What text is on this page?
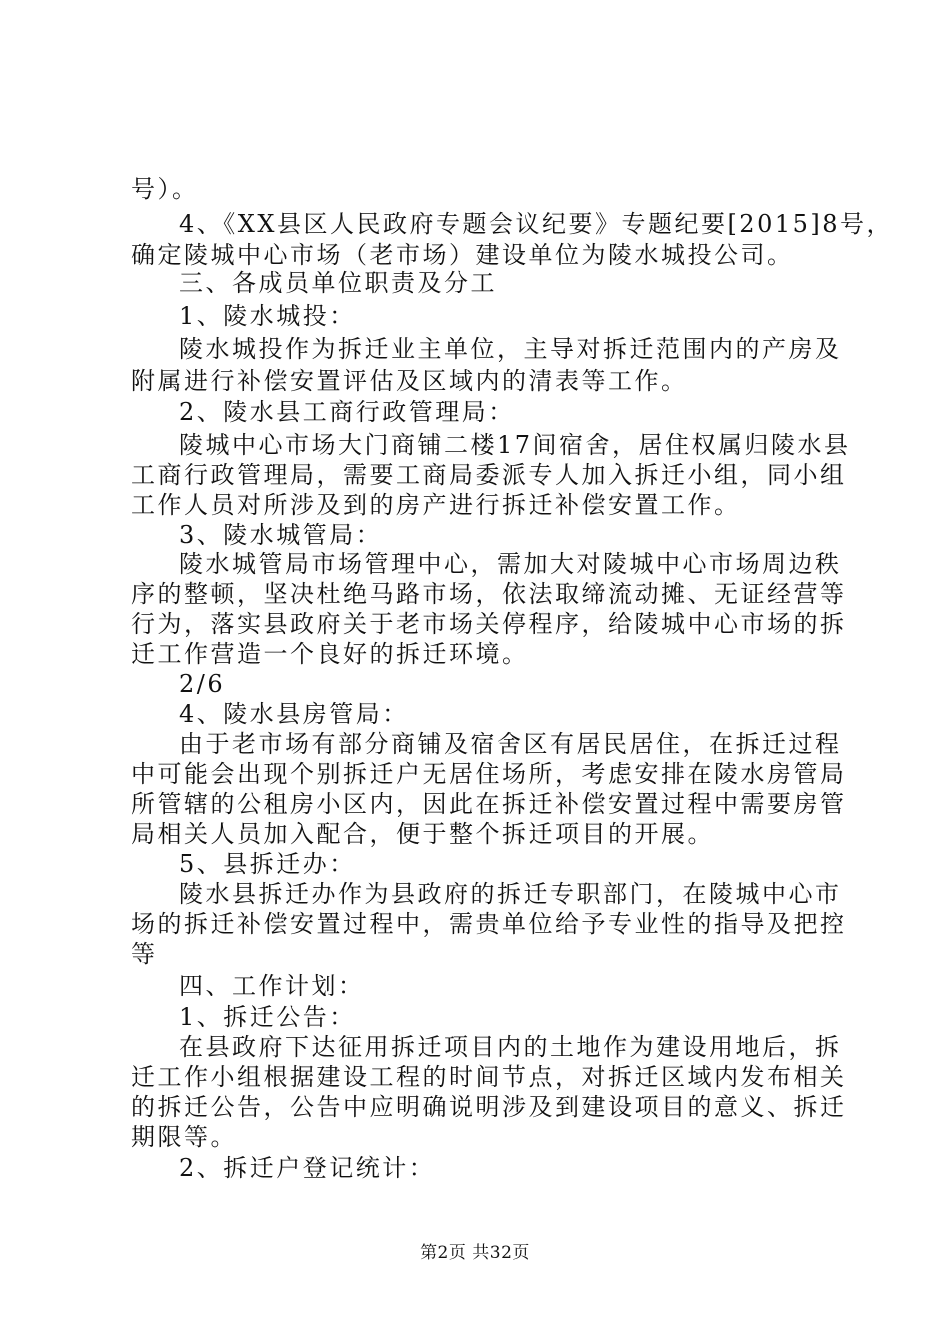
号）。
4、《XX县区人民政府专题会议纪要》专题纪要[2015]8号，
确定陵城中心市场（老市场）建设单位为陵水城投公司。
三、各成员单位职责及分工
1、陵水城投：
陵水城投作为拆迁业主单位，主导对拆迁范围内的产房及
附属进行补偿安置评估及区域内的清表等工作。
2、陵水县工商行政管理局：
陵城中心市场大门商铺二楼17间宿舍，居住权属归陵水县
工商行政管理局，需要工商局委派专人加入拆迁小组，同小组
工作人员对所涉及到的房产进行拆迁补偿安置工作。
3、陵水城管局：
陵水城管局市场管理中心，需加大对陵城中心市场周边秩
序的整顿，坚决杜绝马路市场，依法取缔流动摊、无证经营等
行为，落实县政府关于老市场关停程序，给陵城中心市场的拆
迁工作营造一个良好的拆迁环境。
2/6
4、陵水县房管局：
由于老市场有部分商铺及宿舍区有居民居住，在拆迁过程
中可能会出现个别拆迁户无居住场所，考虑安排在陵水房管局
所管辖的公租房小区内，因此在拆迁补偿安置过程中需要房管
局相关人员加入配合，便于整个拆迁项目的开展。
5、县拆迁办：
陵水县拆迁办作为县政府的拆迁专职部门，在陵城中心市
场的拆迁补偿安置过程中，需贵单位给予专业性的指导及把控
等
四、工作计划：
1、拆迁公告：
在县政府下达征用拆迁项目内的土地作为建设用地后，拆
迁工作小组根据建设工程的时间节点，对拆迁区域内发布相关
的拆迁公告，公告中应明确说明涉及到建设项目的意义、拆迁
期限等。
2、拆迁户登记统计：
第2页 共32页
